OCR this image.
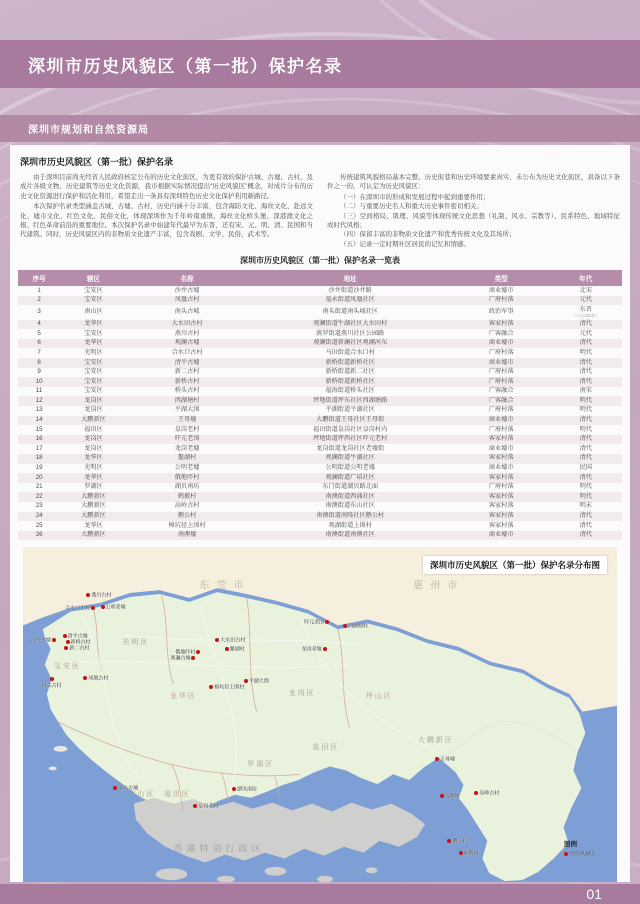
深圳市历史风貌区（第一批）保护名录
深圳市规划和自然资源局
深圳市历史风貌区（第一批）保护名录

由于深圳目前尚无经省人民政府核定公布的历史文化街区，为更有效的保护古城、古墟、古村，及成片各级文物、历史建筑等历史文化资源，我市根据实际情况提出“历史风貌区”概念，对成片分布的历史文化资源进行保护和活化利用，希望走出一条具有深圳特色历史文化保护利用新路径。

本次保护名录类型涵盖古城、古墟、古村，历史内涵十分丰富，包含海防文化、海丝文化、赴远文化、墟市文化、红色文化、民俗文化，体现深圳作为千年岭南重镇、海丝文化桥头堡、深港澳文化之根、红色革命前沿的重要地位。本次保护名录中始建年代最早为东晋，还有宋、元、明、清、民国和当代建筑。同时，历史风貌区内的非物质文化遗产丰富，包含戏剧、文学、民俗、武术等。

传统建筑风貌格局基本完整、历史街巷和历史环境要素真实、未公布为历史文化街区，具备以下条件之一的，可认定为历史风貌区：

（一）在深圳市的形成和发展过程中起到重要作用；

（二）与重要历史名人和重大历史事件密切相关；

（三）空间格局、肌理、风貌等体现传统文化思想（礼制、风水、宗教等）、民系特色、地域特征或时代风格；

（四）保留丰富的非物质文化遗产和优秀传统文化及其场所；

（五）记录一定时期社区居民的记忆和情感。

深圳市历史风貌区（第一批）保护名录一览表
序号	辖区	名称	地址	类型	年代
1	宝安区	沙井古墟	沙井街道沙井路	商业墟市	北宋
2	宝安区	凤凰古村	福永街道凤凰社区	广府村落	元代
3	南山区	南头古城	南头街道南头城社区	政治军事	东晋
（公元331年）

4	龙华区	大水田古村	观澜街道牛湖社区大水田村	客家村落	清代
5	宝安区	燕川古村	燕罗街道燕川社区公园路	广客融合	元代
6	龙华区	观澜古墟	观澜街道新澜社区观澜河东	商业墟市	清代
7	光明区	合水口古村	马田街道合水口村	广府村落	明代
8	宝安区	清平古墟	新桥街道新桥社区	商业墟市	清代
9	宝安区	新二古村	新桥街道新二社区	广府村落	清代
10	宝安区	新桥古村	新桥街道新桥社区	广府村落	清代
11	宝安区	桥头古村	福海街道桥头社区	广客融合	南宋
12	龙岗区	西湖塘村	坪地街道坪东社区西湖塘路	广客融合	明代
13	龙岗区	平湖大围	平湖街道平湖社区	广府村落	明代
14	大鹏新区	王母墟	大鹏街道王母社区王母街	商业墟市	清代
15	福田区	皇岗老村	福田街道皇岗社区皇岗村内	广府村落	明代
16	龙岗区	吓元老围	坪地街道坪西社区吓元老村	客家村落	清代
17	龙岗区	龙岗老墟	龙岗街道龙岗社区老墟街	商业墟市	清代
18	龙华区	鳌湖村	观澜街道牛湖社区	客家村落	清代
19	光明区	公明老墟	公明街道公明老墟	商业墟市	民国
20	龙华区	俄地吓村	观澜街道广培社区	客家村落	清代
21	罗湖区	湖贝南坊	东门街道湖贝路北面	广府村落	明代
22	大鹏新区	鹤薮村	南澳街道西涌社区	客家村落	明代
23	大鹏新区	高岭古村	南澳街道东山社区	客家村落	明末
24	大鹏新区	鹅公村	南澳街道南隆社区鹅公村	客家村落	清代
25	龙华区	樟坑径上围村	观湖街道上围村	客家村落	清代
26	大鹏新区	南澳墟	南澳街道南澳社区	商业墟市	清代
深圳市历史风貌区（第一批）保护名录分布图
东莞市	惠州市
香港特别行政区
宝安区
光明区
龙华区	龙岗区	坪山区
南山区 福田区
罗湖区
盐田区
大鹏新区
燕川古村
合水口古村	公明老墟
沙井古墟
清平古墟
新桥古村
新二古村
凤凰古村
桥头古村
大水田古村
鳌湖村
俄地吓村
观澜古墟
樟坑径上围村
平湖大围
吓元老围
西湖塘村
龙岗老墟
南头古城	湖贝南坊
皇岗老村
王母墟
南澳墟	高岭古村
鹅公村
鹤薮村
图例
历史风貌区
01
